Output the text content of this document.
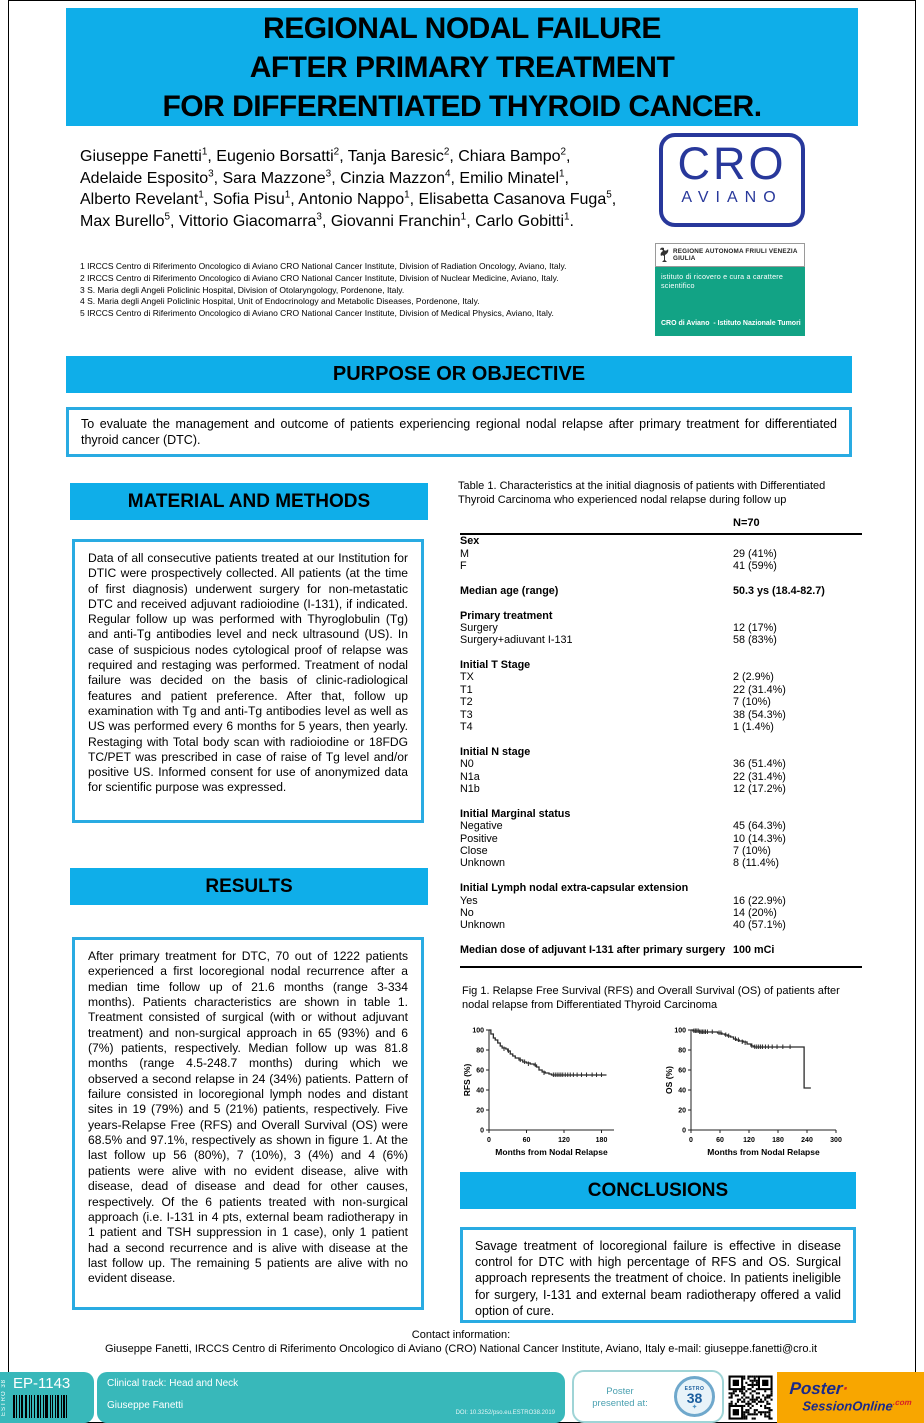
REGIONAL NODAL FAILURE
AFTER PRIMARY TREATMENT
FOR DIFFERENTIATED THYROID CANCER.
Giuseppe Fanetti$^1$, Eugenio Borsatti$^2$, Tanja Baresic$^2$, Chiara Bampo$^2$,
Adelaide Esposito$^3$, Sara Mazzone$^3$, Cinzia Mazzon$^4$, Emilio Minatel$^1$,
Alberto Revelant$^1$, Sofia Pisu$^1$, Antonio Nappo$^1$, Elisabetta Casanova Fuga$^5$,
Max Burello$^5$, Vittorio Giacomarra$^3$, Giovanni Franchin$^1$, Carlo Gobitti$^1$.
1 IRCCS Centro di Riferimento Oncologico di Aviano CRO National Cancer Institute, Division of Radiation Oncology, Aviano, Italy.
2 IRCCS Centro di Riferimento Oncologico di Aviano CRO National Cancer Institute, Division of Nuclear Medicine, Aviano, Italy.
3 S. Maria degli Angeli Policlinic Hospital, Division of Otolaryngology, Pordenone, Italy.
4 S. Maria degli Angeli Policlinic Hospital, Unit of Endocrinology and Metabolic Diseases, Pordenone, Italy.
5 IRCCS Centro di Riferimento Oncologico di Aviano CRO National Cancer Institute, Division of Medical Physics, Aviano, Italy.
CRO
AVIANO
REGIONE AUTONOMA FRIULI VENEZIA GIULIA
istituto di ricovero e cura a carattere scientifico
CRO di Aviano - Istituto Nazionale Tumori
PURPOSE OR OBJECTIVE
To evaluate the management and outcome of patients experiencing regional nodal relapse after primary treatment for differentiated thyroid cancer (DTC).
MATERIAL AND METHODS
Data of all consecutive patients treated at our Institution for DTIC were prospectively collected. All patients (at the time of first diagnosis) underwent surgery for non-metastatic DTC and received adjuvant radioiodine (I-131), if indicated. Regular follow up was performed with Thyroglobulin (Tg) and anti-Tg antibodies level and neck ultrasound (US). In case of suspicious nodes cytological proof of relapse was required and restaging was performed. Treatment of nodal failure was decided on the basis of clinic-radiological features and patient preference. After that, follow up examination with Tg and anti-Tg antibodies level as well as US was performed every 6 months for 5 years, then yearly. Restaging with Total body scan with radioiodine or 18FDG TC/PET was prescribed in case of raise of Tg level and/or positive US. Informed consent for use of anonymized data for scientific purpose was expressed.
RESULTS
After primary treatment for DTC, 70 out of 1222 patients experienced a first locoregional nodal recurrence after a median time follow up of 21.6 months (range 3-334 months). Patients characteristics are shown in table 1. Treatment consisted of surgical (with or without adjuvant treatment) and non-surgical approach in 65 (93%) and 6 (7%) patients, respectively. Median follow up was 81.8 months (range 4.5-248.7 months) during which we observed a second relapse in 24 (34%) patients. Pattern of failure consisted in locoregional lymph nodes and distant sites in 19 (79%) and 5 (21%) patients, respectively. Five years-Relapse Free (RFS) and Overall Survival (OS) were 68.5% and 97.1%, respectively as shown in figure 1. At the last follow up 56 (80%), 7 (10%), 3 (4%) and 4 (6%) patients were alive with no evident disease, alive with disease, dead of disease and dead for other causes, respectively. Of the 6 patients treated with non-surgical approach (i.e. I-131 in 4 pts, external beam radiotherapy in 1 patient and TSH suppression in 1 case), only 1 patient had a second recurrence and is alive with disease at the last follow up. The remaining 5 patients are alive with no evident disease.
Table 1. Characteristics at the initial diagnosis of patients with Differentiated Thyroid Carcinoma who experienced nodal relapse during follow up
N=70
Sex
M	29 (41%)
F	41 (59%)
Median age (range)	50.3 ys (18.4-82.7)
Primary treatment
Surgery	12 (17%)
Surgery+adiuvant I-131	58 (83%)
Initial T Stage
TX	2 (2.9%)
T1	22 (31.4%)
T2	7 (10%)
T3	38 (54.3%)
T4	1 (1.4%)
Initial N stage
N0	36 (51.4%)
N1a	22 (31.4%)
N1b	12 (17.2%)
Initial Marginal status
Negative	45 (64.3%)
Positive	10 (14.3%)
Close	7 (10%)
Unknown	8 (11.4%)
Initial Lymph nodal extra-capsular extension
Yes	16 (22.9%)
No	14 (20%)
Unknown	40 (57.1%)
Median dose of adjuvant I-131 after primary surgery 100 mCi
Fig 1. Relapse Free Survival (RFS) and Overall Survival (OS) of patients after nodal relapse from Differentiated Thyroid Carcinoma
0
20
40
60
80
100
0	60	120	180
Months from Nodal Relapse
RFS (%)
0
20
40
60
80
100
0	60	120 180 240 300
Months from Nodal Relapse
OS (%)
CONCLUSIONS
Savage treatment of locoregional failure is effective in disease control for DTC with high percentage of RFS and OS. Surgical approach represents the treatment of choice. In patients ineligible for surgery, I-131 and external beam radiotherapy offered a valid option of cure.
Contact information:
Giuseppe Fanetti, IRCCS Centro di Riferimento Oncologico di Aviano (CRO) National Cancer Institute, Aviano, Italy e-mail: giuseppe.fanetti@cro.it
ESTRO 38 EP-1143	Clinical track: Head and Neck
Giuseppe Fanetti
DOI: 10.3252/pso.eu.ESTRO38.2019
Poster presented at:
ESTRO
38
✦
Poster·
SessionOnline$^{.com}$
